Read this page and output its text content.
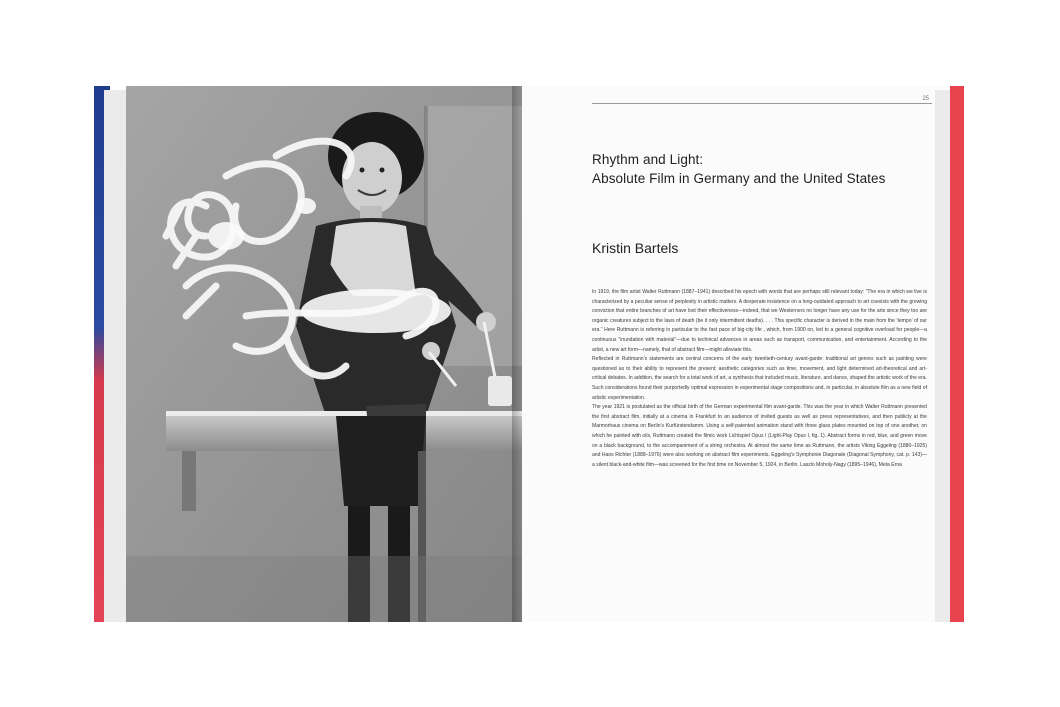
25
Rhythm and Light:
Absolute Film in Germany and the United States
Kristin Bartels

In 1919, the film artist Walter Ruttmann (1887–1941) described his epoch with words that are perhaps still relevant today: “The era in which we live is characterized by a peculiar sense of perplexity in artistic matters. A desperate insistence on a long-outdated approach to art coexists with the growing conviction that entire branches of art have lost their effectiveness—indeed, that we Westerners no longer have any use for the arts since they too are organic creatures subject to the laws of death (be it only intermittent deaths). . . . This specific character is derived in the main from the ‘tempo’ of our era.” Here Ruttmann is referring in particular to the fast pace of big-city life , which, from 1900 on, led to a general cognitive overload for people—a continuous “inundation with material”—due to technical advances in areas such as transport, communication, and entertainment. According to the artist, a new art form—namely, that of abstract film—might alleviate this.

Reflected in Ruttmann’s statements are central concerns of the early twentieth-century avant-garde: traditional art genres such as painting were questioned as to their ability to represent the present; aesthetic categories such as time, movement, and light determined art-theoretical and art-critical debates. In addition, the search for a total work of art, a synthesis that included music, literature, and dance, shaped the artistic work of the era. Such considerations found their purportedly optimal expression in experimental stage compositions and, in particular, in absolute film as a new field of artistic experimentation.

The year 1921 is postulated as the official birth of the German experimental film avant-garde. This was the year in which Walter Ruttmann presented the first abstract film, initially at a cinema in Frankfurt to an audience of invited guests as well as press representatives, and then publicly at the Marmorhaus cinema on Berlin’s Kurfürstendamm. Using a self-patented animation stand with three glass plates mounted on top of one another, on which he painted with oils, Ruttmann created the filmic work Lichtspiel Opus I (Light-Play Opus I, fig. 1). Abstract forms in red, blue, and green move on a black background, to the accompaniment of a string orchestra. At almost the same time as Ruttmann, the artists Viking Eggeling (1880–1925) and Hans Richter (1888–1976) were also working on abstract film experiments. Eggeling’s Symphonie Diagonale (Diagonal Symphony, cat. p. 143)—a silent black-and-white film—was screened for the first time on November 5, 1924, in Berlin. Laszlo Moholy-Nagy (1895–1946), Meta Erna
